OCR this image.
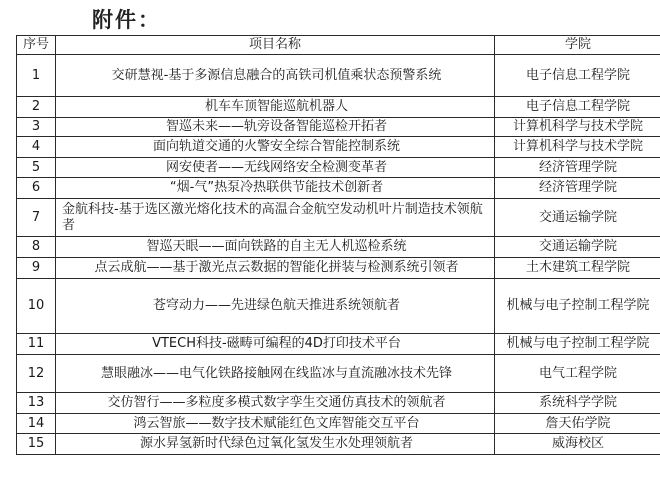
附件：
序号	项目名称	学院
1	交研慧视-基于多源信息融合的高铁司机值乘状态预警系统	电子信息工程学院
2	机车车顶智能巡航机器人	电子信息工程学院
3	智巡未来——轨旁设备智能巡检开拓者	计算机科学与技术学院
4	面向轨道交通的火警安全综合智能控制系统	计算机科学与技术学院
5	网安使者——无线网络安全检测变革者	经济管理学院
6	“烟-气”热泵冷热联供节能技术创新者	经济管理学院
7	金航科技-基于选区激光熔化技术的高温合金航空发动机叶片制造技术领航者	交通运输学院
8	智巡天眼——面向铁路的自主无人机巡检系统	交通运输学院
9	点云成航——基于激光点云数据的智能化拼装与检测系统引领者	土木建筑工程学院
10	苍穹动力——先进绿色航天推进系统领航者	机械与电子控制工程学院
11	VTECH科技-磁畴可编程的4D打印技术平台	机械与电子控制工程学院
12	慧眼融冰——电气化铁路接触网在线监冰与直流融冰技术先锋	电气工程学院
13	交仿智行——多粒度多模式数字孪生交通仿真技术的领航者	系统科学学院
14	鸿云智旅——数字技术赋能红色文库智能交互平台	詹天佑学院
15	源水昇氢新时代绿色过氧化氢发生水处理领航者	威海校区
